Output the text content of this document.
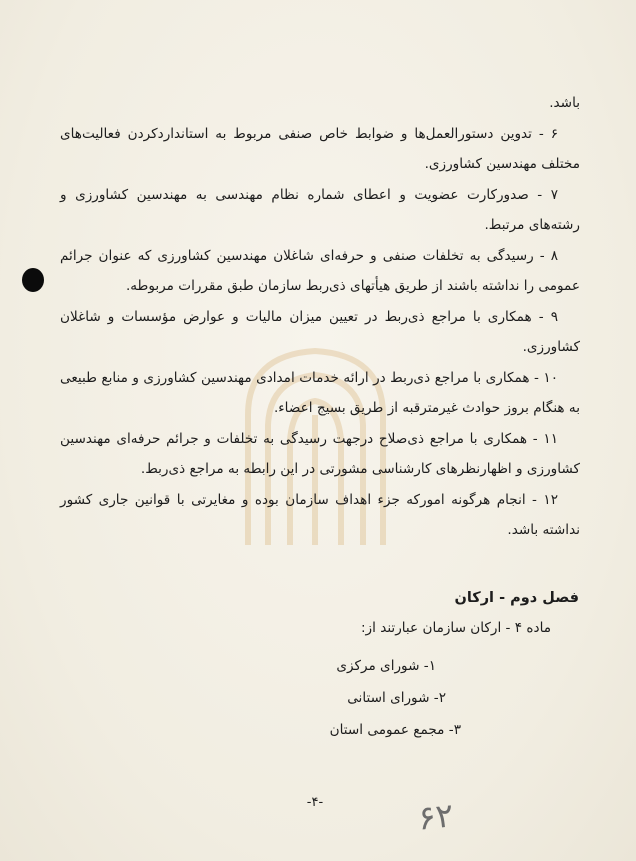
باشد.

۶ - تدوین دستورالعمل‌ها و ضوابط خاص صنفی مربوط به استانداردکردن فعالیت‌های مختلف مهندسین کشاورزی.

۷ - صدورکارت عضویت و اعطای شماره نظام مهندسی به مهندسین کشاورزی و رشته‌های مرتبط.

۸ - رسیدگی به تخلفات صنفی و حرفه‌ای شاغلان مهندسین کشاورزی که عنوان جرائم عمومی را نداشته باشند از طریق هیأتهای ذی‌ربط سازمان طبق مقررات مربوطه.

۹ - همکاری با مراجع ذی‌ربط در تعیین میزان مالیات و عوارض مؤسسات و شاغلان کشاورزی.

۱۰ - همکاری با مراجع ذی‌ربط در ارائه خدمات امدادی مهندسین کشاورزی و منابع طبیعی به هنگام بروز حوادث غیرمترقبه از طریق بسیج اعضاء.

۱۱ - همکاری با مراجع ذی‌صلاح درجهت رسیدگی به تخلفات و جرائم حرفه‌ای مهندسین کشاورزی و اظهارنظرهای کارشناسی مشورتی در این رابطه به مراجع ذی‌ربط.

۱۲ - انجام هرگونه امورکه جزء اهداف سازمان بوده و مغایرتی با قوانین جاری کشور نداشته باشد.

فصل دوم - ارکان
ماده ۴ - ارکان سازمان عبارتند از:
۱- شورای مرکزی
۲- شورای استانی
۳- مجمع عمومی استان
-۴-	۶۲
